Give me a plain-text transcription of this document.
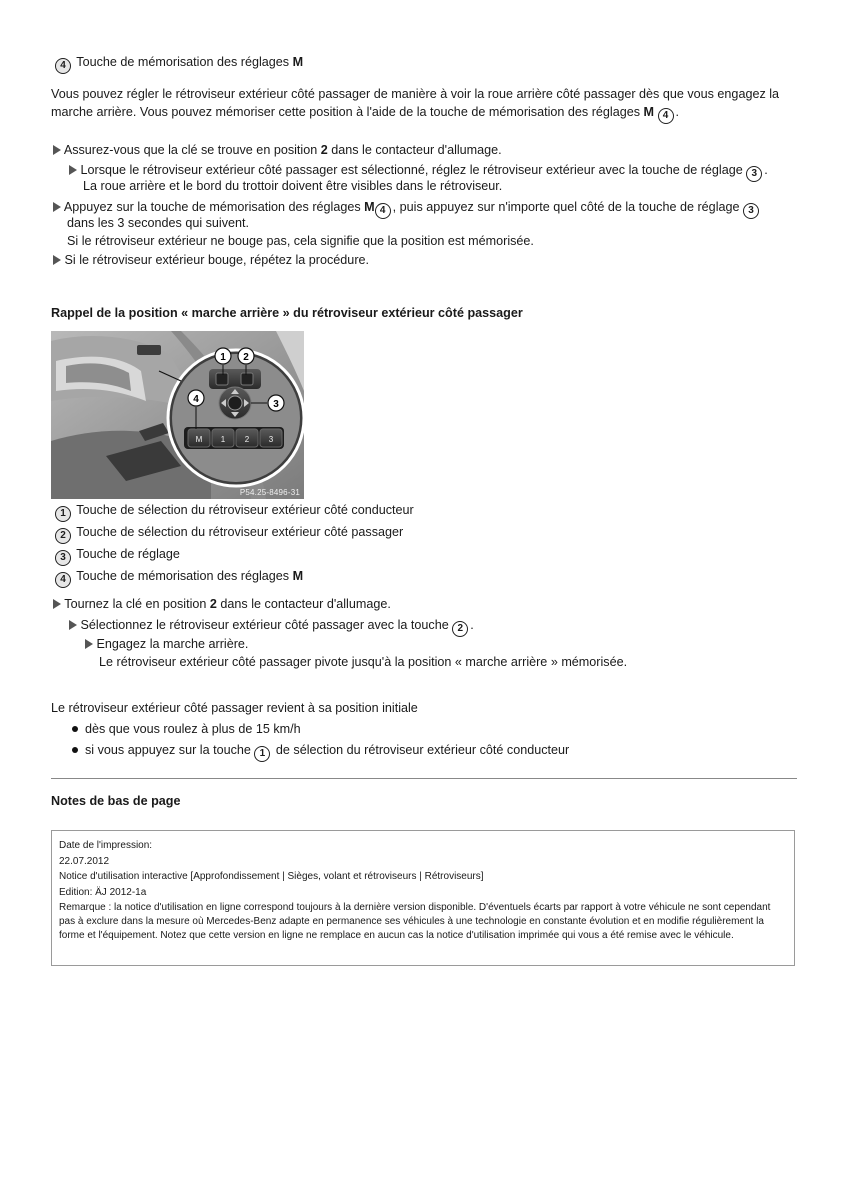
4 Touche de mémorisation des réglages M
Vous pouvez régler le rétroviseur extérieur côté passager de manière à voir la roue arrière côté passager dès que vous engagez la
marche arrière. Vous pouvez mémoriser cette position à l'aide de la touche de mémorisation des réglages M 4 .
Assurez-vous que la clé se trouve en position 2 dans le contacteur d'allumage.
Lorsque le rétroviseur extérieur côté passager est sélectionné, réglez le rétroviseur extérieur avec la touche de réglage 3 .
La roue arrière et le bord du trottoir doivent être visibles dans le rétroviseur.
Appuyez sur la touche de mémorisation des réglages M 4 , puis appuyez sur n'importe quel côté de la touche de réglage 3
dans les 3 secondes qui suivent.
Si le rétroviseur extérieur ne bouge pas, cela signifie que la position est mémorisée.
Si le rétroviseur extérieur bouge, répétez la procédure.
Rappel de la position « marche arrière » du rétroviseur extérieur côté passager
M 1 2 3
1 2
3
4
P54.25-8496-31
1 Touche de sélection du rétroviseur extérieur côté conducteur
2 Touche de sélection du rétroviseur extérieur côté passager
3 Touche de réglage
4 Touche de mémorisation des réglages M
Tournez la clé en position 2 dans le contacteur d'allumage.
Sélectionnez le rétroviseur extérieur côté passager avec la touche 2 .
Engagez la marche arrière.
Le rétroviseur extérieur côté passager pivote jusqu'à la position « marche arrière » mémorisée.
Le rétroviseur extérieur côté passager revient à sa position initiale
dès que vous roulez à plus de 15 km/h
si vous appuyez sur la touche 1 de sélection du rétroviseur extérieur côté conducteur
Notes de bas de page
Date de l'impression:
22.07.2012
Notice d'utilisation interactive [Approfondissement | Sièges, volant et rétroviseurs | Rétroviseurs]
Edition: ÄJ 2012-1a
Remarque : la notice d'utilisation en ligne correspond toujours à la dernière version disponible. D'éventuels écarts par rapport à votre véhicule ne sont cependant pas à exclure dans la mesure où Mercedes-Benz adapte en permanence ses véhicules à une technologie en constante évolution et en modifie régulièrement la forme et l'équipement. Notez que cette version en ligne ne remplace en aucun cas la notice d'utilisation imprimée qui vous a été remise avec le véhicule.
